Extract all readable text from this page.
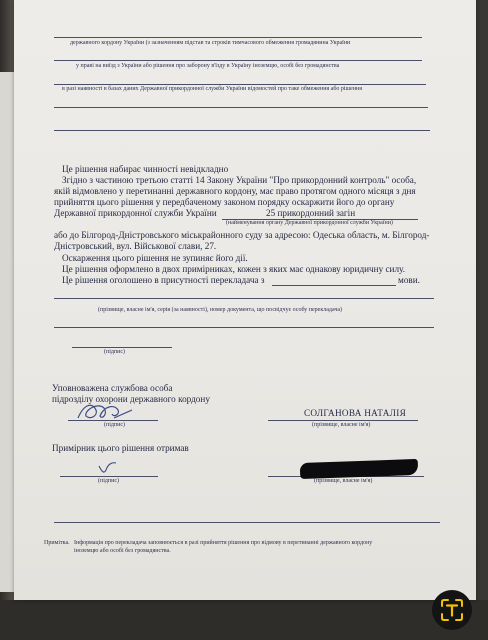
державного кордону України (з зазначенням підстав та строків тимчасового обмеження громадянина України
у праві на виїзд з України або рішення про заборону в'їзду в Україну іноземцю, особі без громадянства
в разі наявності в базах даних Державної прикордонної служби України відомостей про таке обмеження або рішення
Це рішення набирає чинності невідкладно
Згідно з частиною третьою статті 14 Закону України "Про прикордонний контроль" особа,
якій відмовлено у перетинанні державного кордону, має право протягом одного місяця з дня
прийняття цього рішення у передбаченому законом порядку оскаржити його до органу
Державної прикордонної служби України	25 прикордонний загін
(найменування органу Державної прикордонної служби України)
або до Білгород-Дністровського міськрайонного суду за адресою: Одеська область, м. Білгород-
Дністровський, вул. Військової слави, 27.
Оскарження цього рішення не зупиняє його дії.
Це рішення оформлено в двох примірниках, кожен з яких має однакову юридичну силу.
Це рішення оголошено в присутності перекладача з	мови.
(прізвище, власне ім'я, серія (за наявності), номер документа, що посвідчує особу перекладача)
(підпис)
Уповноважена службова особа
підрозділу охорони державного кордону
(підпис)
СОЛГАНОВА НАТАЛІЯ
(прізвище, власне ім'я)
Примірник цього рішення отримав
(підпис)	(прізвище, власне ім'я)
Примітка. Інформація про перекладача заповнюється в разі прийняття рішення про відмову в перетинанні державного кордону
іноземцю або особі без громадянства.
